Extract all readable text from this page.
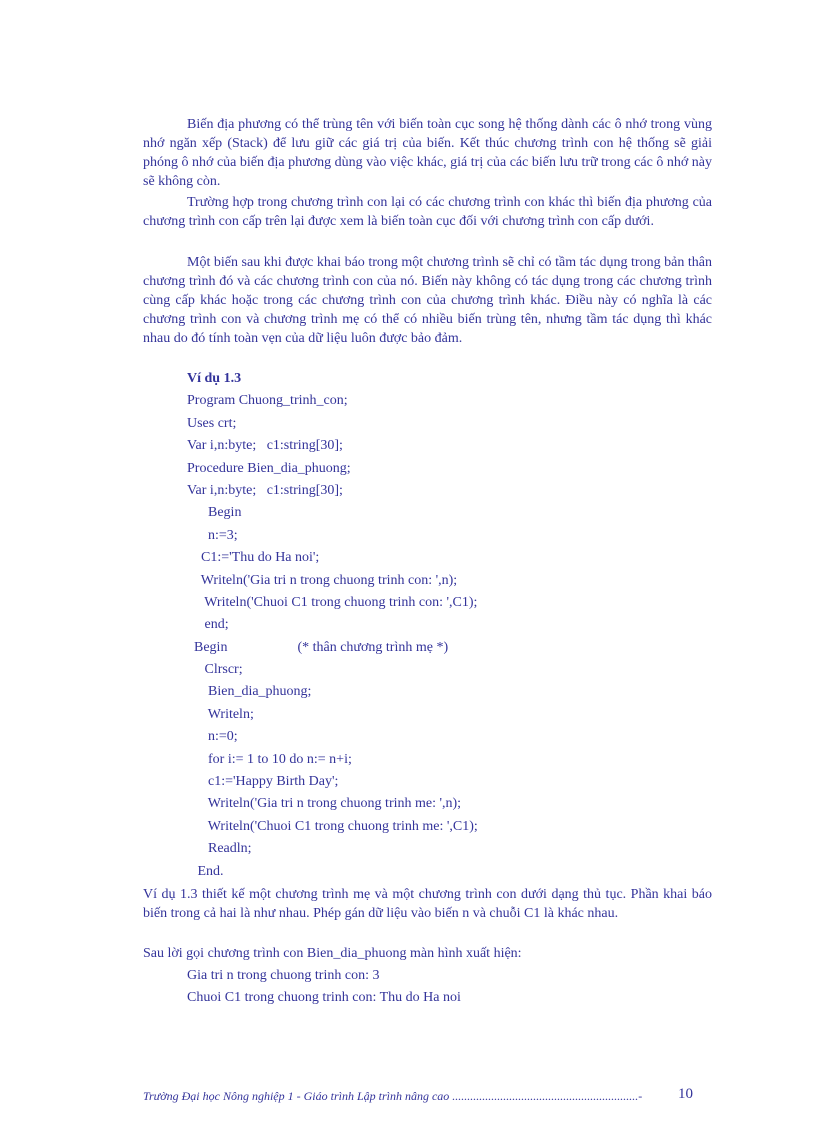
Biến địa phương có thể trùng tên với biến toàn cục song hệ thống dành các ô nhớ trong vùng nhớ ngăn xếp (Stack) để lưu giữ các giá trị của biến. Kết thúc chương trình con hệ thống sẽ giải phóng ô nhớ của biến địa phương dùng vào việc khác, giá trị của các biến lưu trữ trong các ô nhớ này sẽ không còn.

Trường hợp trong chương trình con lại có các chương trình con khác thì biến địa phương của chương trình con cấp trên lại được xem là biến toàn cục đối với chương trình con cấp dưới.

Một biến sau khi được khai báo trong một chương trình sẽ chỉ có tầm tác dụng trong bản thân chương trình đó và các chương trình con của nó. Biến này không có tác dụng trong các chương trình cùng cấp khác hoặc trong các chương trình con của chương trình khác. Điều này có nghĩa là các chương trình con và chương trình mẹ có thể có nhiều biến trùng tên, nhưng tầm tác dụng thì khác nhau do đó tính toàn vẹn của dữ liệu luôn được bảo đảm.

Ví dụ 1.3
Program Chuong_trinh_con;
Uses crt;
Var i,n:byte;   c1:string[30];
Procedure Bien_dia_phuong;
Var i,n:byte;   c1:string[30];
Begin
n:=3;
C1:='Thu do Ha noi';
Writeln('Gia tri n trong chuong trinh con: ',n);
Writeln('Chuoi C1 trong chuong trinh con: ',C1);
end;
Begin                    (* thân chương trình mẹ *)
Clrscr;
Bien_dia_phuong;
Writeln;
n:=0;
for i:= 1 to 10 do n:= n+i;
c1:='Happy Birth Day';
Writeln('Gia tri n trong chuong trinh me: ',n);
Writeln('Chuoi C1 trong chuong trinh me: ',C1);
Readln;
End.

Ví dụ 1.3 thiết kế một chương trình mẹ và một chương trình con dưới dạng thủ tục. Phần khai báo biến trong cả hai là như nhau. Phép gán dữ liệu vào biến n và chuỗi C1 là khác nhau.

Sau lời gọi chương trình con Bien_dia_phuong màn hình xuất hiện:

Gia tri n trong chuong trinh con: 3
Chuoi C1 trong chuong trinh con: Thu do Ha noi
Trường Đại học Nông nghiệp 1 - Giáo trình Lập trình nâng cao ..............................................................-	10
